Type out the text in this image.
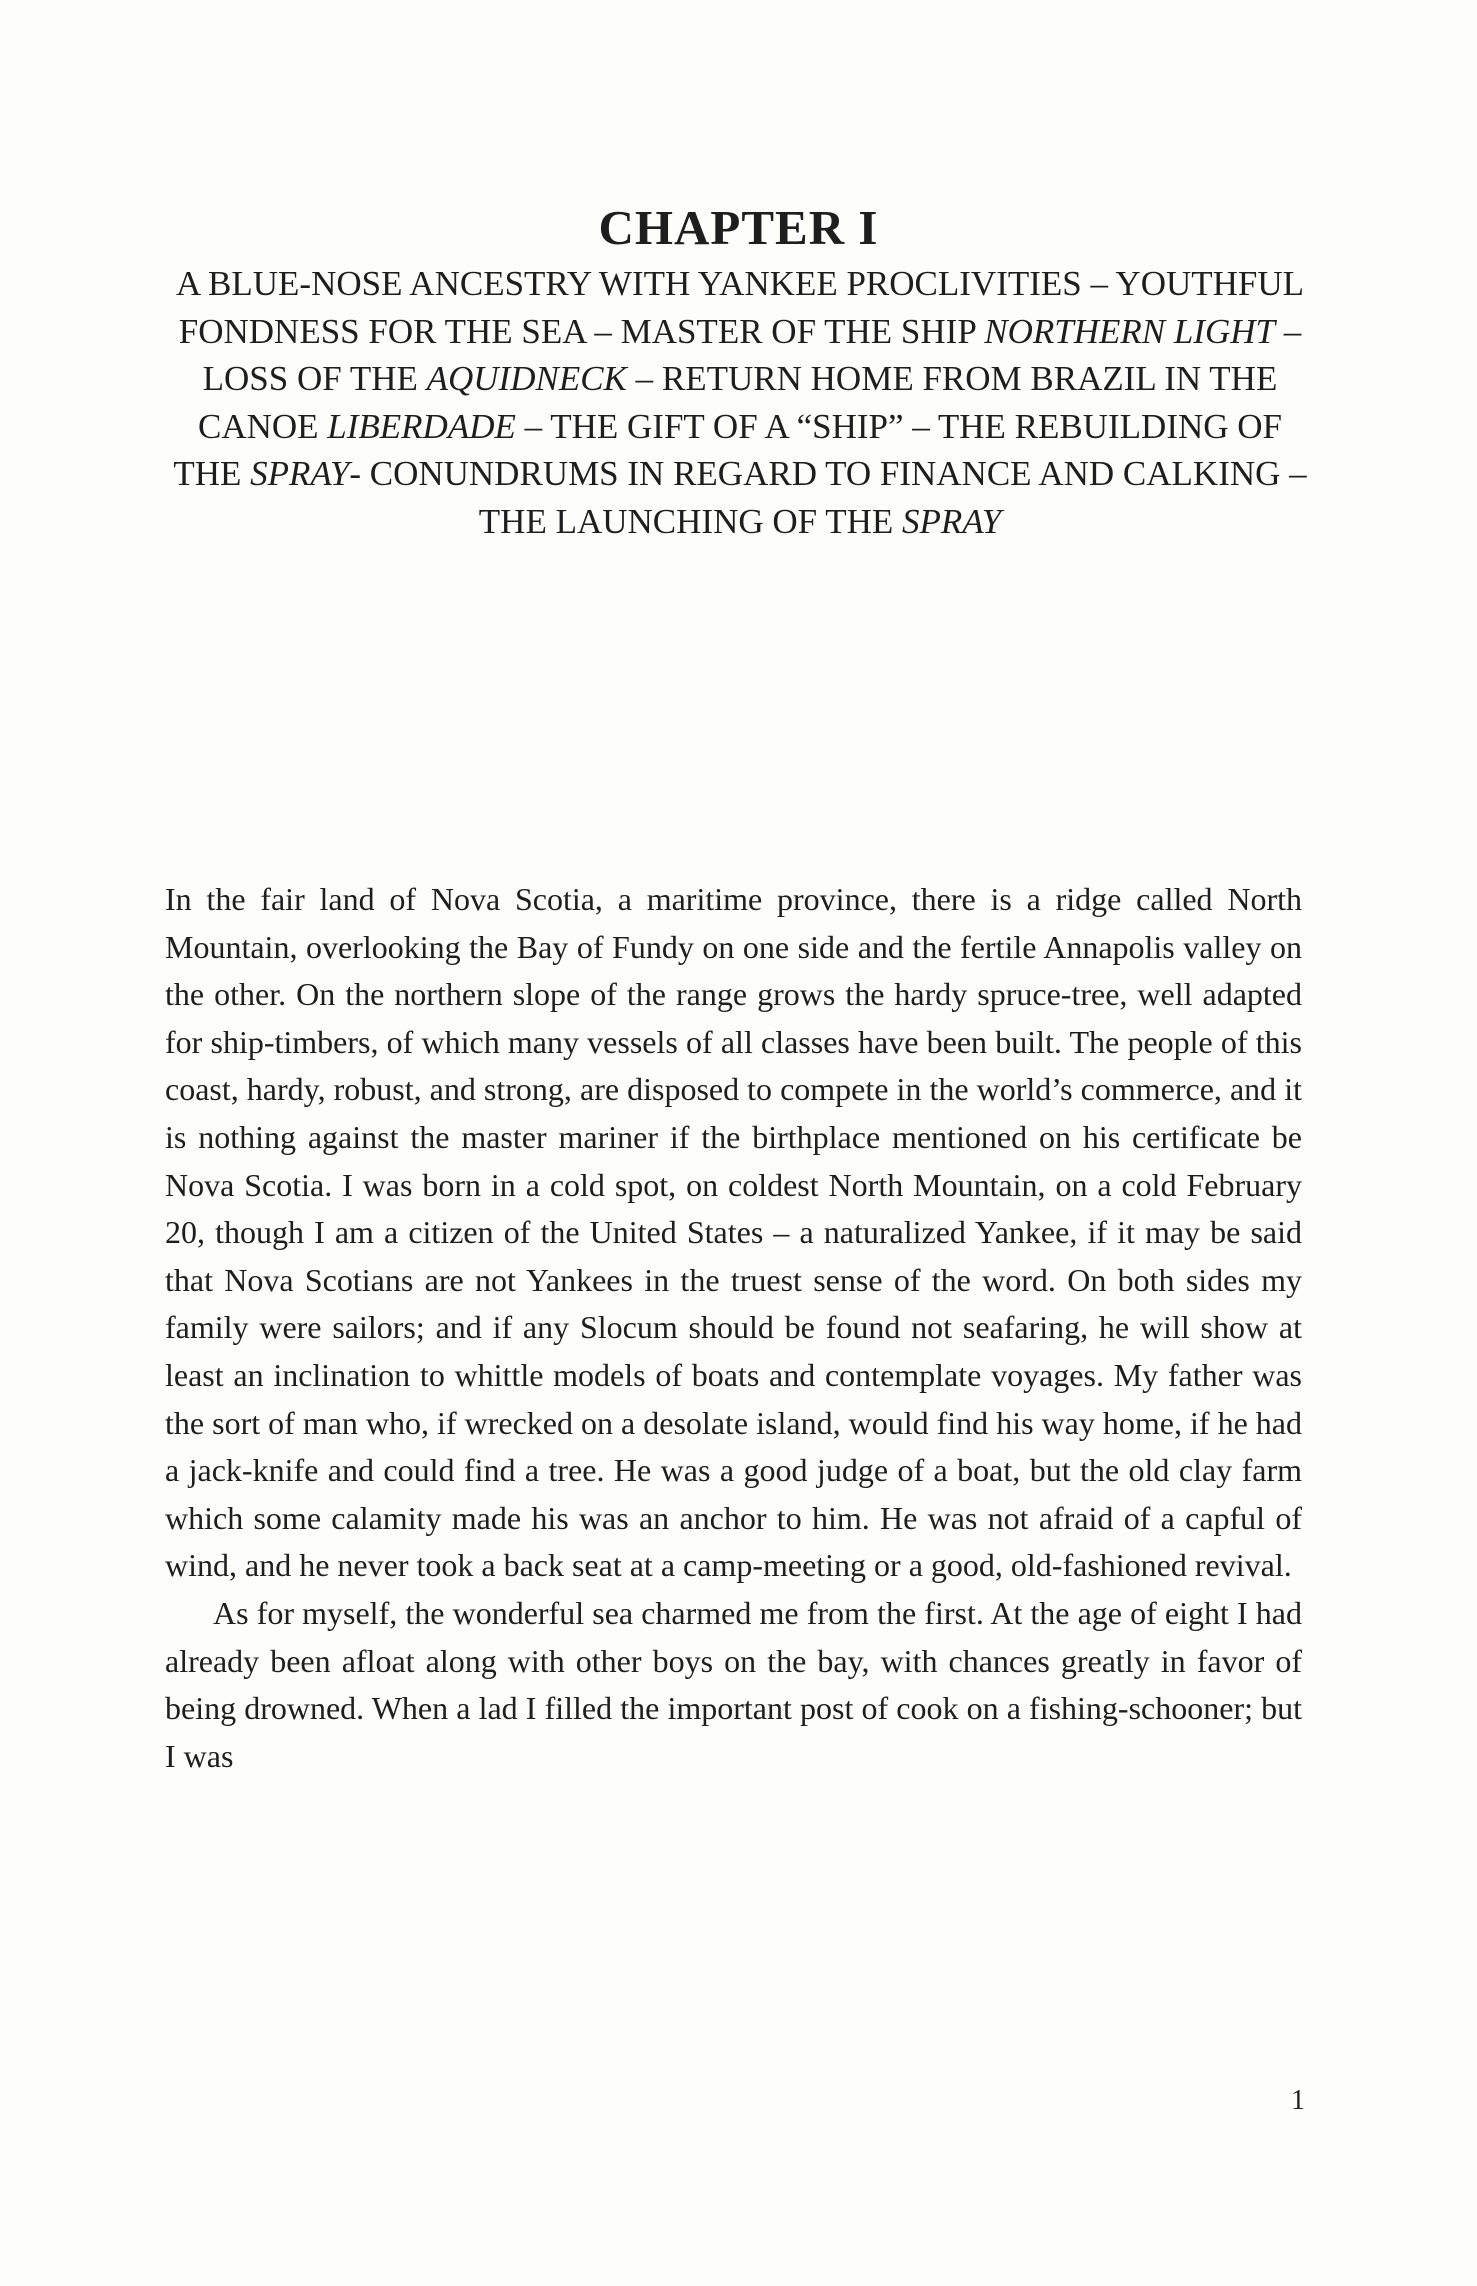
CHAPTER I

A BLUE-NOSE ANCESTRY WITH YANKEE PROCLIVITIES – YOUTHFUL FONDNESS FOR THE SEA – MASTER OF THE SHIP NORTHERN LIGHT – LOSS OF THE AQUIDNECK – RETURN HOME FROM BRAZIL IN THE CANOE LIBERDADE – THE GIFT OF A “SHIP” – THE REBUILDING OF THE SPRAY- CONUNDRUMS IN REGARD TO FINANCE AND CALKING – THE LAUNCHING OF THE SPRAY

In the fair land of Nova Scotia, a maritime province, there is a ridge called North Mountain, overlooking the Bay of Fundy on one side and the fertile Annapolis valley on the other. On the northern slope of the range grows the hardy spruce-tree, well adapted for ship-timbers, of which many vessels of all classes have been built. The people of this coast, hardy, robust, and strong, are disposed to compete in the world’s commerce, and it is nothing against the master mariner if the birthplace mentioned on his certificate be Nova Scotia. I was born in a cold spot, on coldest North Mountain, on a cold February 20, though I am a citizen of the United States – a naturalized Yankee, if it may be said that Nova Scotians are not Yankees in the truest sense of the word. On both sides my family were sailors; and if any Slocum should be found not seafaring, he will show at least an inclination to whittle models of boats and contemplate voyages. My father was the sort of man who, if wrecked on a desolate island, would find his way home, if he had a jack-knife and could find a tree. He was a good judge of a boat, but the old clay farm which some calamity made his was an anchor to him. He was not afraid of a capful of wind, and he never took a back seat at a camp-meeting or a good, old-fashioned revival.

As for myself, the wonderful sea charmed me from the first. At the age of eight I had already been afloat along with other boys on the bay, with chances greatly in favor of being drowned. When a lad I filled the important post of cook on a fishing-schooner; but I was

1
